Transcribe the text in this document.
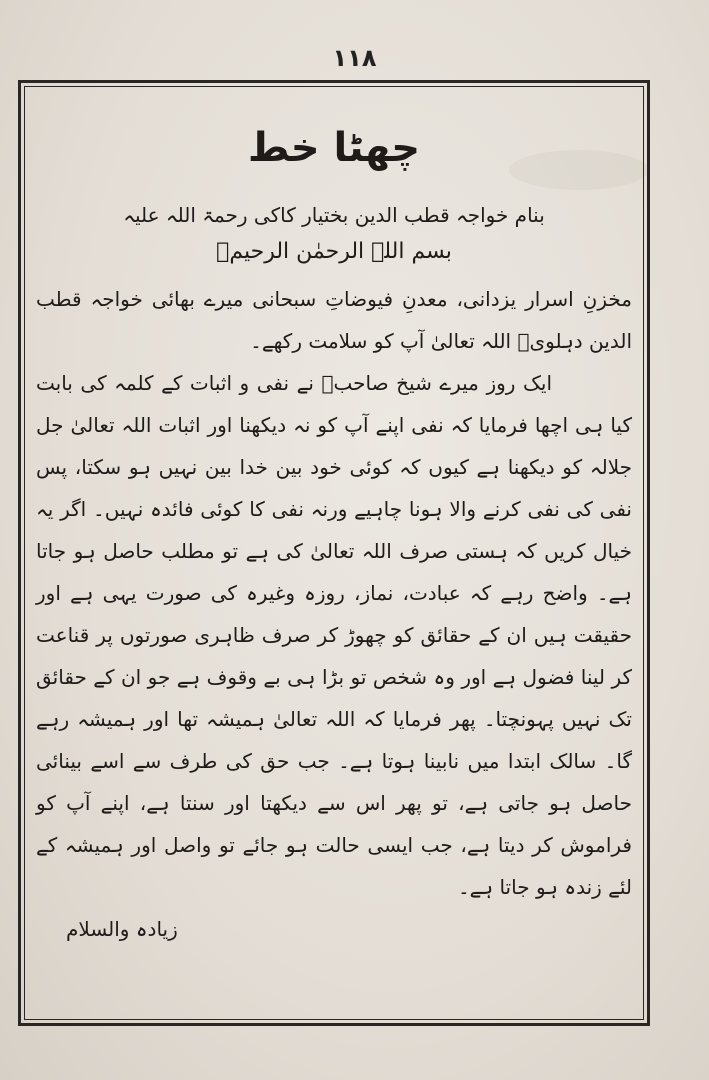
١١٨
چھٹا خط

بنام خواجہ قطب الدین بختیار کاکی رحمۃ اللہ علیہ

بسم اللہ الرحمٰن الرحیمؒ

مخزنِ اسرار یزدانی، معدنِ فیوضاتِ سبحانی میرے بھائی خواجہ قطب الدین دہلویؒ اللہ تعالیٰ آپ کو سلامت رکھے۔

ایک روز میرے شیخ صاحبؒ نے نفی و اثبات کے کلمہ کی بابت کیا ہی اچھا فرمایا کہ نفی اپنے آپ کو نہ دیکھنا اور اثبات اللہ تعالیٰ جل جلالہ کو دیکھنا ہے کیوں کہ کوئی خود بین خدا بین نہیں ہو سکتا، پس نفی کی نفی کرنے والا ہونا چاہیے ورنہ نفی کا کوئی فائدہ نہیں۔ اگر یہ خیال کریں کہ ہستی صرف اللہ تعالیٰ کی ہے تو مطلب حاصل ہو جاتا ہے۔ واضح رہے کہ عبادت، نماز، روزہ وغیرہ کی صورت یہی ہے اور حقیقت ہیں ان کے حقائق کو چھوڑ کر صرف ظاہری صورتوں پر قناعت کر لینا فضول ہے اور وہ شخص تو بڑا ہی بے وقوف ہے جو ان کے حقائق تک نہیں پہونچتا۔ پھر فرمایا کہ اللہ تعالیٰ ہمیشہ تھا اور ہمیشہ رہے گا۔ سالک ابتدا میں نابینا ہوتا ہے۔ جب حق کی طرف سے اسے بینائی حاصل ہو جاتی ہے، تو پھر اس سے دیکھتا اور سنتا ہے، اپنے آپ کو فراموش کر دیتا ہے، جب ایسی حالت ہو جائے تو واصل اور ہمیشہ کے لئے زندہ ہو جاتا ہے۔

زیادہ والسلام
